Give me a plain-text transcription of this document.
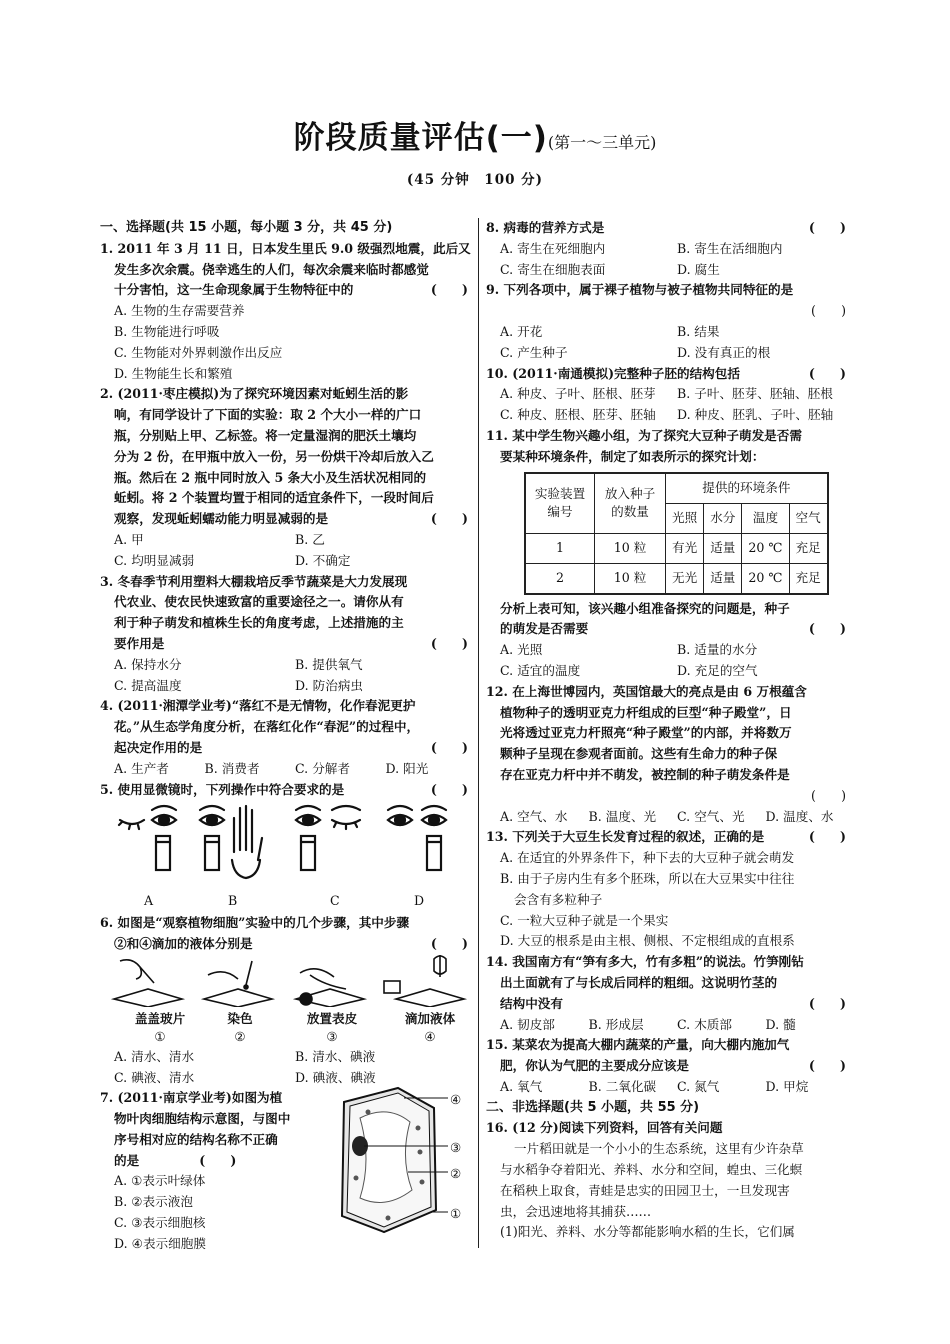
阶段质量评估(一)(第一～三单元)
(45 分钟　100 分)
一、选择题(共 15 小题，每小题 3 分，共 45 分)
1. 2011 年 3 月 11 日，日本发生里氏 9.0 级强烈地震，此后又
发生多次余震。侥幸逃生的人们，每次余震来临时都感觉
十分害怕，这一生命现象属于生物特征中的	(　　)
A. 生物的生存需要营养
B. 生物能进行呼吸
C. 生物能对外界刺激作出反应
D. 生物能生长和繁殖
2. (2011·枣庄模拟)为了探究环境因素对蚯蚓生活的影
响，有同学设计了下面的实验：取 2 个大小一样的广口
瓶，分别贴上甲、乙标签。将一定量湿润的肥沃土壤均
分为 2 份，在甲瓶中放入一份，另一份烘干冷却后放入乙
瓶。然后在 2 瓶中同时放入 5 条大小及生活状况相同的
蚯蚓。将 2 个装置均置于相同的适宜条件下，一段时间后
观察，发现蚯蚓蠕动能力明显减弱的是	(　　)
A. 甲	B. 乙
C. 均明显减弱	D. 不确定
3. 冬春季节利用塑料大棚栽培反季节蔬菜是大力发展现
代农业、使农民快速致富的重要途径之一。请你从有
利于种子萌发和植株生长的角度考虑，上述措施的主
要作用是	(　　)
A. 保持水分	B. 提供氧气
C. 提高温度	D. 防治病虫
4. (2011·湘潭学业考)“落红不是无情物，化作春泥更护
花。”从生态学角度分析，在落红化作“春泥”的过程中，
起决定作用的是	(　　)
A. 生产者	B. 消费者	C. 分解者	D. 阳光
5. 使用显微镜时，下列操作中符合要求的是	(　　)
A	B	C	D
6. 如图是“观察植物细胞”实验中的几个步骤，其中步骤
②和④滴加的液体分别是	(　　)
盖盖玻片	染色	放置表皮	滴加液体
①	②	③	④
A. 清水、清水	B. 清水、碘液
C. 碘液、清水	D. 碘液、碘液
7. (2011·南京学业考)如图为植
物叶肉细胞结构示意图，与图中
序号相对应的结构名称不正确
的是	(　　)
A. ①表示叶绿体
B. ②表示液泡
C. ③表示细胞核
D. ④表示细胞膜
④
③
②
①
8. 病毒的营养方式是	(　　)
A. 寄生在死细胞内	B. 寄生在活细胞内
C. 寄生在细胞表面	D. 腐生
9. 下列各项中，属于裸子植物与被子植物共同特征的是
(　　)

A. 开花	B. 结果
C. 产生种子	D. 没有真正的根
10. (2011·南通模拟)完整种子胚的结构包括	(　　)
A. 种皮、子叶、胚根、胚芽	B. 子叶、胚芽、胚轴、胚根
C. 种皮、胚根、胚芽、胚轴	D. 种皮、胚乳、子叶、胚轴
11. 某中学生物兴趣小组，为了探究大豆种子萌发是否需
要某种环境条件，制定了如表所示的探究计划：
实验装置编号	放入种子的数量	提供的环境条件			
		光照	水分	温度	空气
1	10 粒	有光	适量	20 ℃	充足
2	10 粒	无光	适量	20 ℃	充足
分析上表可知，该兴趣小组准备探究的问题是，种子
的萌发是否需要	(　　)
A. 光照	B. 适量的水分
C. 适宜的温度	D. 充足的空气
12. 在上海世博园内，英国馆最大的亮点是由 6 万根蕴含
植物种子的透明亚克力杆组成的巨型“种子殿堂”，日
光将透过亚克力杆照亮“种子殿堂”的内部，并将数万
颗种子呈现在参观者面前。这些有生命力的种子保
存在亚克力杆中并不萌发，被控制的种子萌发条件是
(　　)

A. 空气、水	B. 温度、光	C. 空气、光	D. 温度、水
13. 下列关于大豆生长发育过程的叙述，正确的是	(　　)
A. 在适宜的外界条件下，种下去的大豆种子就会萌发
B. 由于子房内生有多个胚珠，所以在大豆果实中往往
会含有多粒种子
C. 一粒大豆种子就是一个果实
D. 大豆的根系是由主根、侧根、不定根组成的直根系
14. 我国南方有“笋有多大，竹有多粗”的说法。竹笋刚钻
出土面就有了与长成后同样的粗细。这说明竹茎的
结构中没有	(　　)
A. 韧皮部	B. 形成层	C. 木质部	D. 髓
15. 某菜农为提高大棚内蔬菜的产量，向大棚内施加气
肥，你认为气肥的主要成分应该是	(　　)
A. 氧气	B. 二氧化碳	C. 氮气	D. 甲烷
二、非选择题(共 5 小题，共 55 分)
16. (12 分)阅读下列资料，回答有关问题
一片稻田就是一个小小的生态系统，这里有少许杂草
与水稻争夺着阳光、养料、水分和空间，蝗虫、三化螟
在稻秧上取食，青蛙是忠实的田园卫士，一旦发现害
虫，会迅速地将其捕获……
(1)阳光、养料、水分等都能影响水稻的生长，它们属
